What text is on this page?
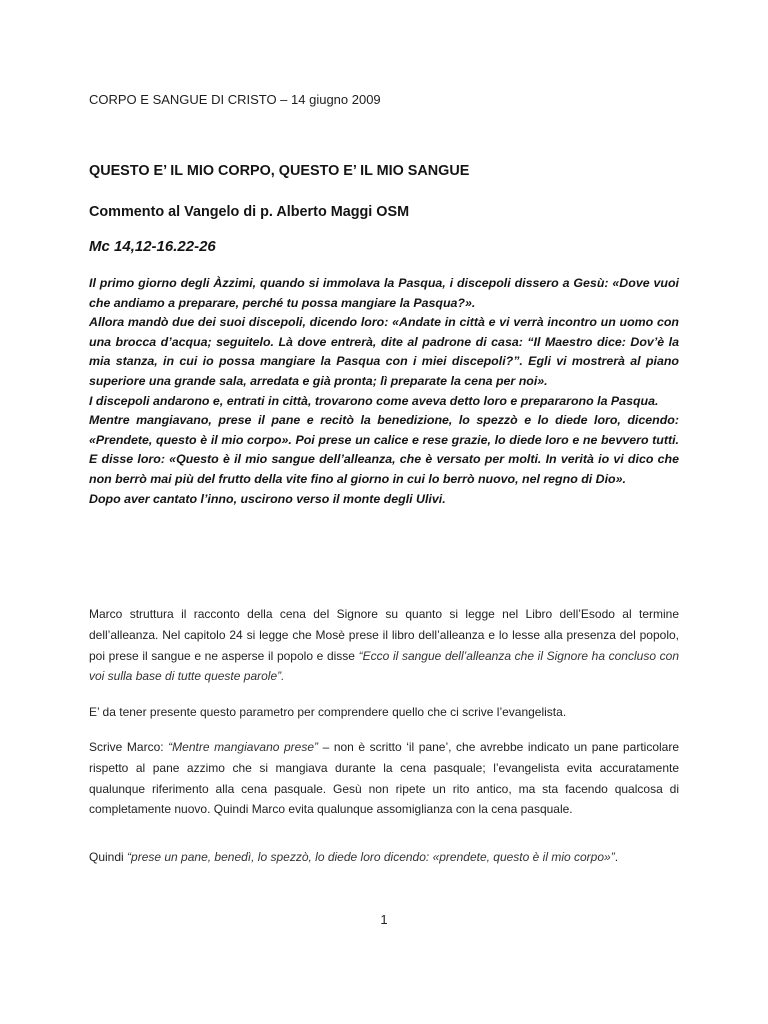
CORPO E SANGUE DI CRISTO – 14 giugno 2009
QUESTO E’ IL MIO CORPO, QUESTO E’ IL MIO SANGUE
Commento al Vangelo di p. Alberto Maggi OSM
Mc 14,12-16.22-26

Il primo giorno degli Àzzimi, quando si immolava la Pasqua, i discepoli dissero a Gesù: «Dove vuoi che andiamo a preparare, perché tu possa mangiare la Pasqua?».

Allora mandò due dei suoi discepoli, dicendo loro: «Andate in città e vi verrà incontro un uomo con una brocca d’acqua; seguitelo. Là dove entrerà, dite al padrone di casa: “Il Maestro dice: Dov’è la mia stanza, in cui io possa mangiare la Pasqua con i miei discepoli?”. Egli vi mostrerà al piano superiore una grande sala, arredata e già pronta; lì preparate la cena per noi».

I discepoli andarono e, entrati in città, trovarono come aveva detto loro e prepararono la Pasqua.

Mentre mangiavano, prese il pane e recitò la benedizione, lo spezzò e lo diede loro, dicendo: «Prendete, questo è il mio corpo». Poi prese un calice e rese grazie, lo diede loro e ne bevvero tutti. E disse loro: «Questo è il mio sangue dell’alleanza, che è versato per molti. In verità io vi dico che non berrò mai più del frutto della vite fino al giorno in cui lo berrò nuovo, nel regno di Dio».

Dopo aver cantato l’inno, uscirono verso il monte degli Ulivi.

Marco struttura il racconto della cena del Signore su quanto si legge nel Libro dell’Esodo al termine dell’alleanza. Nel capitolo 24 si legge che Mosè prese il libro dell’alleanza e lo lesse alla presenza del popolo, poi prese il sangue e ne asperse il popolo e disse “Ecco il sangue dell’alleanza che il Signore ha concluso con voi sulla base di tutte queste parole”.

E’ da tener presente questo parametro per comprendere quello che ci scrive l’evangelista.

Scrive Marco: “Mentre mangiavano prese” – non è scritto ‘il pane’, che avrebbe indicato un pane particolare rispetto al pane azzimo che si mangiava durante la cena pasquale; l’evangelista evita accuratamente qualunque riferimento alla cena pasquale. Gesù non ripete un rito antico, ma sta facendo qualcosa di completamente nuovo. Quindi Marco evita qualunque assomiglianza con la cena pasquale.

Quindi “prese un pane, benedì, lo spezzò, lo diede loro dicendo: «prendete, questo è il mio corpo»”.

1
